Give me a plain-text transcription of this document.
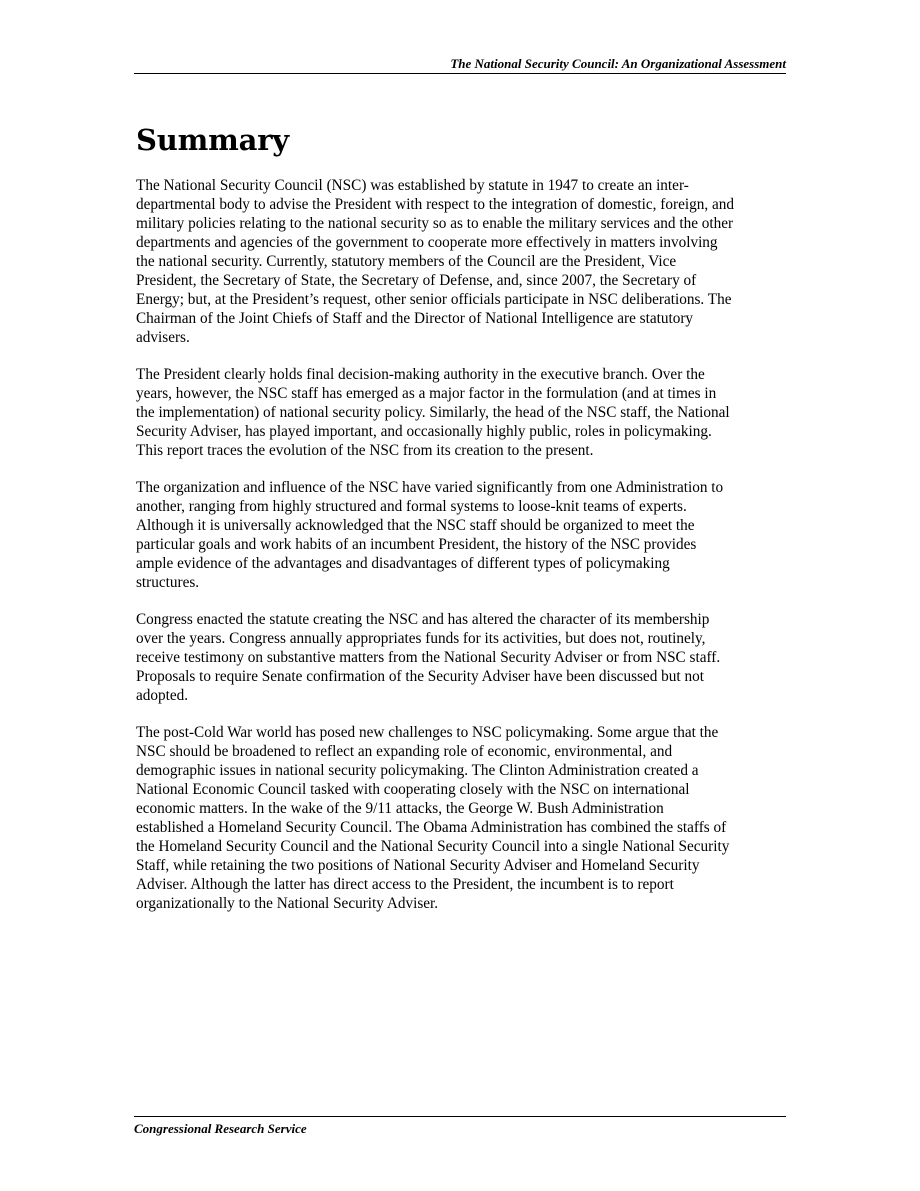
The National Security Council: An Organizational Assessment
Summary

The National Security Council (NSC) was established by statute in 1947 to create an inter-
departmental body to advise the President with respect to the integration of domestic, foreign, and
military policies relating to the national security so as to enable the military services and the other
departments and agencies of the government to cooperate more effectively in matters involving
the national security. Currently, statutory members of the Council are the President, Vice
President, the Secretary of State, the Secretary of Defense, and, since 2007, the Secretary of
Energy; but, at the President’s request, other senior officials participate in NSC deliberations. The
Chairman of the Joint Chiefs of Staff and the Director of National Intelligence are statutory
advisers.

The President clearly holds final decision-making authority in the executive branch. Over the
years, however, the NSC staff has emerged as a major factor in the formulation (and at times in
the implementation) of national security policy. Similarly, the head of the NSC staff, the National
Security Adviser, has played important, and occasionally highly public, roles in policymaking.
This report traces the evolution of the NSC from its creation to the present.

The organization and influence of the NSC have varied significantly from one Administration to
another, ranging from highly structured and formal systems to loose-knit teams of experts.
Although it is universally acknowledged that the NSC staff should be organized to meet the
particular goals and work habits of an incumbent President, the history of the NSC provides
ample evidence of the advantages and disadvantages of different types of policymaking
structures.

Congress enacted the statute creating the NSC and has altered the character of its membership
over the years. Congress annually appropriates funds for its activities, but does not, routinely,
receive testimony on substantive matters from the National Security Adviser or from NSC staff.
Proposals to require Senate confirmation of the Security Adviser have been discussed but not
adopted.

The post-Cold War world has posed new challenges to NSC policymaking. Some argue that the
NSC should be broadened to reflect an expanding role of economic, environmental, and
demographic issues in national security policymaking. The Clinton Administration created a
National Economic Council tasked with cooperating closely with the NSC on international
economic matters. In the wake of the 9/11 attacks, the George W. Bush Administration
established a Homeland Security Council. The Obama Administration has combined the staffs of
the Homeland Security Council and the National Security Council into a single National Security
Staff, while retaining the two positions of National Security Adviser and Homeland Security
Adviser. Although the latter has direct access to the President, the incumbent is to report
organizationally to the National Security Adviser.

Congressional Research Service
